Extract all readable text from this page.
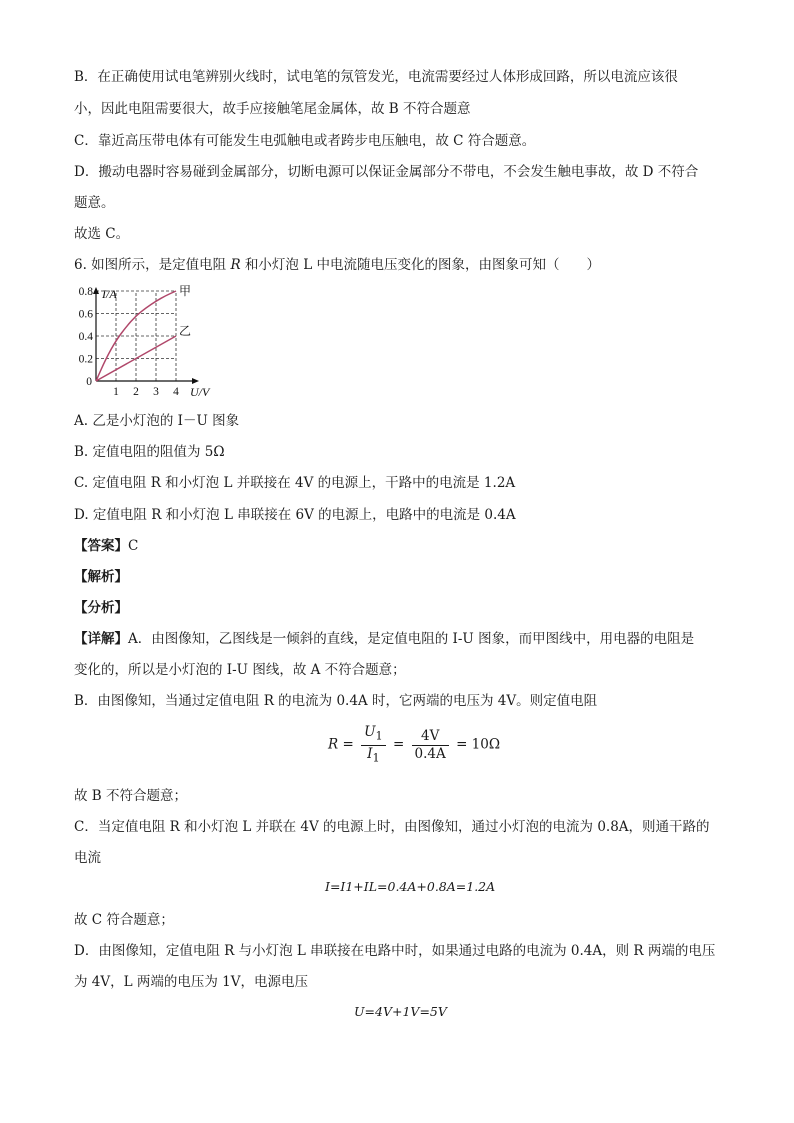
B．在正确使用试电笔辨别火线时，试电笔的氖管发光，电流需要经过人体形成回路，所以电流应该很
小，因此电阻需要很大，故手应接触笔尾金属体，故 B 不符合题意
C．靠近高压带电体有可能发生电弧触电或者跨步电压触电，故 C 符合题意。
D．搬动电器时容易碰到金属部分，切断电源可以保证金属部分不带电，不会发生触电事故，故 D 不符合
题意。
故选 C。
6. 如图所示，是定值电阻 R 和小灯泡 L 中电流随电压变化的图象，由图象可知（　　）
甲
乙
0.2
0.4
0.6
0.8
1 2 3 4
0
I/A
U/V
A. 乙是小灯泡的 I－U 图象
B. 定值电阻的阻值为 5Ω
C. 定值电阻 R 和小灯泡 L 并联接在 4V 的电源上，干路中的电流是 1.2A
D. 定值电阻 R 和小灯泡 L 串联接在 6V 的电源上，电路中的电流是 0.4A
【答案】C
【解析】
【分析】
【详解】A．由图像知，乙图线是一倾斜的直线，是定值电阻的 I-U 图象，而甲图线中，用电器的电阻是
变化的，所以是小灯泡的 I-U 图线，故 A 不符合题意；
B．由图像知，当通过定值电阻 R 的电流为 0.4A 时，它两端的电压为 4V。则定值电阻
$R = \frac{U_1}{I_1} = \frac{4V}{0.4A} = 10\Omega$
故 B 不符合题意；
C．当定值电阻 R 和小灯泡 L 并联在 4V 的电源上时，由图像知，通过小灯泡的电流为 0.8A，则通干路的
电流
I=I1+IL=0.4A+0.8A=1.2A
故 C 符合题意；
D．由图像知，定值电阻 R 与小灯泡 L 串联接在电路中时，如果通过电路的电流为 0.4A，则 R 两端的电压
为 4V，L 两端的电压为 1V，电源电压
U=4V+1V=5V
